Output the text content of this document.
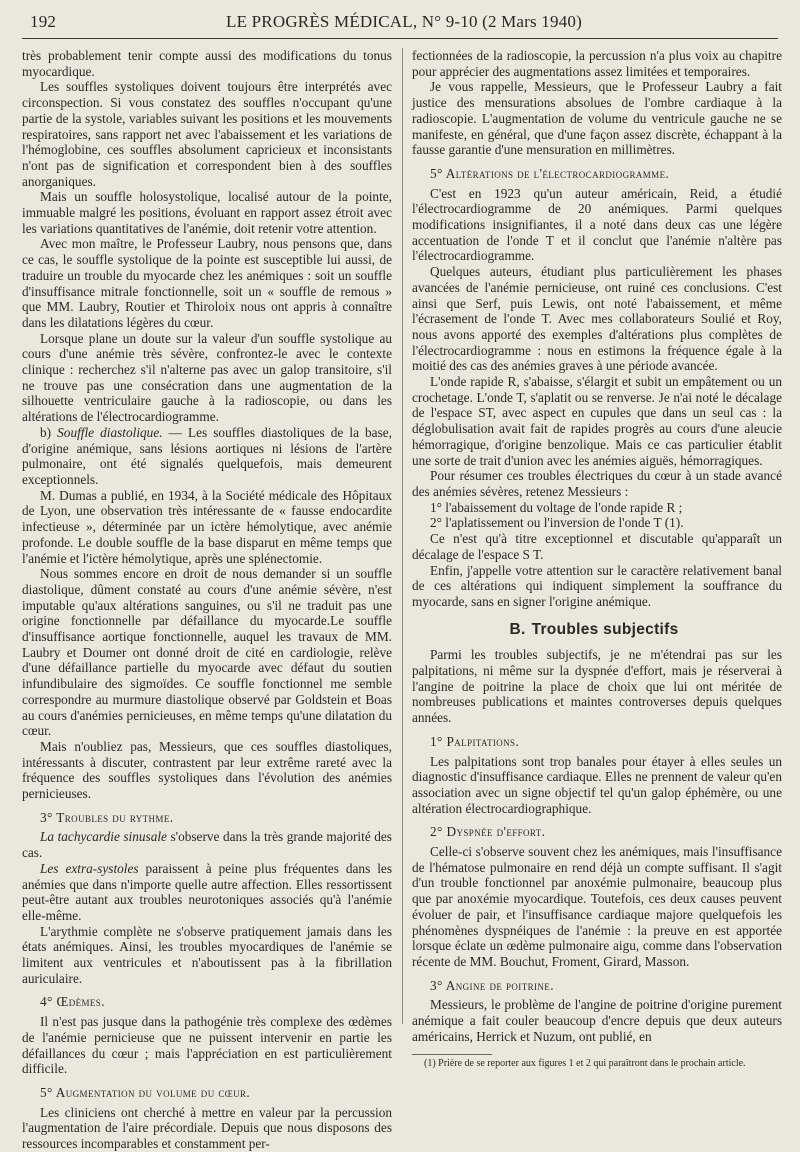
192	LE PROGRÈS MÉDICAL, N° 9-10 (2 Mars 1940)

très probablement tenir compte aussi des modifications du tonus myocardique.

Les souffles systoliques doivent toujours être interprétés avec circonspection. Si vous constatez des souffles n'occupant qu'une partie de la systole, variables suivant les positions et les mouvements respiratoires, sans rapport net avec l'abaissement et les variations de l'hémoglobine, ces souffles absolument capricieux et inconsistants n'ont pas de signification et correspondent bien à des souffles anorganiques.

Mais un souffle holosystolique, localisé autour de la pointe, immuable malgré les positions, évoluant en rapport assez étroit avec les variations quantitatives de l'anémie, doit retenir votre attention.

Avec mon maître, le Professeur Laubry, nous pensons que, dans ce cas, le souffle systolique de la pointe est susceptible lui aussi, de traduire un trouble du myocarde chez les anémiques : soit un souffle d'insuffisance mitrale fonctionnelle, soit un « souffle de remous » que MM. Laubry, Routier et Thiroloix nous ont appris à connaître dans les dilatations légères du cœur.

Lorsque plane un doute sur la valeur d'un souffle systolique au cours d'une anémie très sévère, confrontez-le avec le contexte clinique : recherchez s'il n'alterne pas avec un galop transitoire, s'il ne trouve pas une consécration dans une augmentation de la silhouette ventriculaire gauche à la radioscopie, ou dans les altérations de l'électrocardiogramme.

b) Souffle diastolique. — Les souffles diastoliques de la base, d'origine anémique, sans lésions aortiques ni lésions de l'artère pulmonaire, ont été signalés quelquefois, mais demeurent exceptionnels.

M. Dumas a publié, en 1934, à la Société médicale des Hôpitaux de Lyon, une observation très intéressante de « fausse endocardite infectieuse », déterminée par un ictère hémolytique, avec anémie profonde. Le double souffle de la base disparut en même temps que l'anémie et l'ictère hémolytique, après une splénectomie.

Nous sommes encore en droit de nous demander si un souffle diastolique, dûment constaté au cours d'une anémie sévère, n'est imputable qu'aux altérations sanguines, ou s'il ne traduit pas une origine fonctionnelle par défaillance du myocarde.Le souffle d'insuffisance aortique fonctionnelle, auquel les travaux de MM. Laubry et Doumer ont donné droit de cité en cardiologie, relève d'une défaillance partielle du myocarde avec défaut du soutien infundibulaire des sigmoïdes. Ce souffle fonctionnel me semble correspondre au murmure diastolique observé par Goldstein et Boas au cours d'anémies pernicieuses, en même temps qu'une dilatation du cœur.

Mais n'oubliez pas, Messieurs, que ces souffles diastoliques, intéressants à discuter, contrastent par leur extrême rareté avec la fréquence des souffles systoliques dans l'évolution des anémies pernicieuses.

3° Troubles du rythme.

La tachycardie sinusale s'observe dans la très grande majorité des cas.

Les extra-systoles paraissent à peine plus fréquentes dans les anémies que dans n'importe quelle autre affection. Elles ressortissent peut-être autant aux troubles neurotoniques associés qu'à l'anémie elle-même.

L'arythmie complète ne s'observe pratiquement jamais dans les états anémiques. Ainsi, les troubles myocardiques de l'anémie se limitent aux ventricules et n'aboutissent pas à la fibrillation auriculaire.

4° Œdèmes.

Il n'est pas jusque dans la pathogénie très complexe des œdèmes de l'anémie pernicieuse que ne puissent intervenir en partie les défaillances du cœur ; mais l'appréciation en est particulièrement difficile.

5° Augmentation du volume du cœur.

Les cliniciens ont cherché à mettre en valeur par la percussion l'augmentation de l'aire précordiale. Depuis que nous disposons des ressources incomparables et constamment per-

fectionnées de la radioscopie, la percussion n'a plus voix au chapitre pour apprécier des augmentations assez limitées et temporaires.

Je vous rappelle, Messieurs, que le Professeur Laubry a fait justice des mensurations absolues de l'ombre cardiaque à la radioscopie. L'augmentation de volume du ventricule gauche ne se manifeste, en général, que d'une façon assez discrète, échappant à la fausse garantie d'une mensuration en millimètres.

5° Altérations de l'électrocardiogramme.

C'est en 1923 qu'un auteur américain, Reid, a étudié l'électrocardiogramme de 20 anémiques. Parmi quelques modifications insignifiantes, il a noté dans deux cas une légère accentuation de l'onde T et il conclut que l'anémie n'altère pas l'électrocardiogramme.

Quelques auteurs, étudiant plus particulièrement les phases avancées de l'anémie pernicieuse, ont ruiné ces conclusions. C'est ainsi que Serf, puis Lewis, ont noté l'abaissement, et même l'écrasement de l'onde T. Avec mes collaborateurs Soulié et Roy, nous avons apporté des exemples d'altérations plus complètes de l'électrocardiogramme : nous en estimons la fréquence égale à la moitié des cas des anémies graves à une période avancée.

L'onde rapide R, s'abaisse, s'élargit et subit un empâtement ou un crochetage. L'onde T, s'aplatit ou se renverse. Je n'ai noté le décalage de l'espace ST, avec aspect en cupules que dans un seul cas : la déglobulisation avait fait de rapides progrès au cours d'une aleucie hémorragique, d'origine benzolique. Mais ce cas particulier établit une sorte de trait d'union avec les anémies aiguës, hémorragiques.

Pour résumer ces troubles électriques du cœur à un stade avancé des anémies sévères, retenez Messieurs :

1° l'abaissement du voltage de l'onde rapide R ;

2° l'aplatissement ou l'inversion de l'onde T (1).

Ce n'est qu'à titre exceptionnel et discutable qu'apparaît un décalage de l'espace S T.

Enfin, j'appelle votre attention sur le caractère relativement banal de ces altérations qui indiquent simplement la souffrance du myocarde, sans en signer l'origine anémique.

B. Troubles subjectifs

Parmi les troubles subjectifs, je ne m'étendrai pas sur les palpitations, ni même sur la dyspnée d'effort, mais je réserverai à l'angine de poitrine la place de choix que lui ont méritée de nombreuses publications et maintes controverses depuis quelques années.

1° Palpitations.

Les palpitations sont trop banales pour étayer à elles seules un diagnostic d'insuffisance cardiaque. Elles ne prennent de valeur qu'en association avec un signe objectif tel qu'un galop éphémère, ou une altération électrocardiographique.

2° Dyspnée d'effort.

Celle-ci s'observe souvent chez les anémiques, mais l'insuffisance de l'hématose pulmonaire en rend déjà un compte suffisant. Il s'agit d'un trouble fonctionnel par anoxémie pulmonaire, beaucoup plus que par anoxémie myocardique. Toutefois, ces deux causes peuvent évoluer de pair, et l'insuffisance cardiaque majore quelquefois les phénomènes dyspnéiques de l'anémie : la preuve en est apportée lorsque éclate un œdème pulmonaire aigu, comme dans l'observation récente de MM. Bouchut, Froment, Girard, Masson.

3° Angine de poitrine.

Messieurs, le problème de l'angine de poitrine d'origine purement anémique a fait couler beaucoup d'encre depuis que deux auteurs américains, Herrick et Nuzum, ont publié, en

(1) Prière de se reporter aux figures 1 et 2 qui paraîtront dans le prochain article.
